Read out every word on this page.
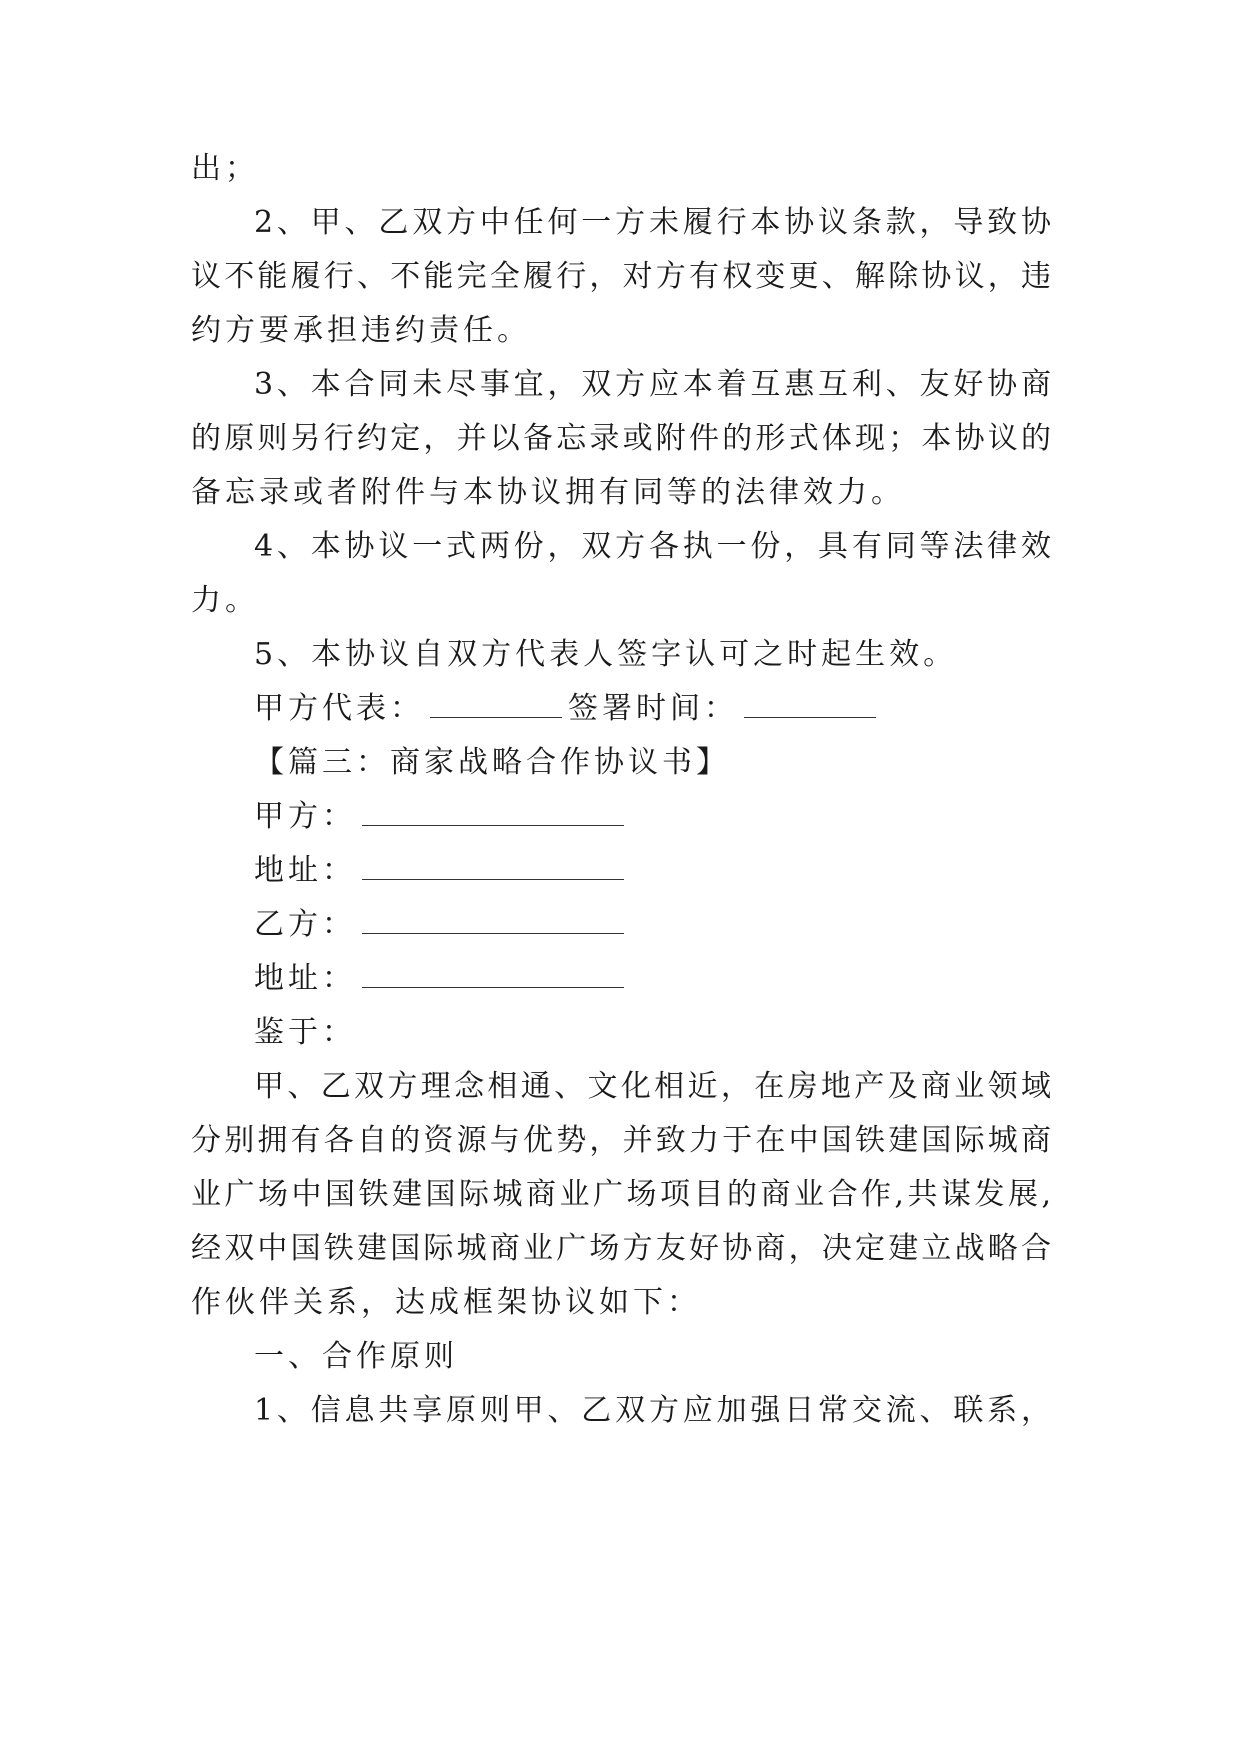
出；
2、甲、乙双方中任何一方未履行本协议条款，导致协
议不能履行、不能完全履行，对方有权变更、解除协议，违
约方要承担违约责任。
3、本合同未尽事宜，双方应本着互惠互利、友好协商
的原则另行约定，并以备忘录或附件的形式体现；本协议的
备忘录或者附件与本协议拥有同等的法律效力。
4、本协议一式两份，双方各执一份，具有同等法律效
力。
5、本协议自双方代表人签字认可之时起生效。
甲方代表：	签署时间：
【篇三：商家战略合作协议书】
甲方：
地址：
乙方：
地址：
鉴于：
甲、乙双方理念相通、文化相近，在房地产及商业领域
分别拥有各自的资源与优势，并致力于在中国铁建国际城商
业广场中国铁建国际城商业广场项目的商业合作,共谋发展,
经双中国铁建国际城商业广场方友好协商，决定建立战略合
作伙伴关系，达成框架协议如下：
一、合作原则
1、信息共享原则甲、乙双方应加强日常交流、联系，
